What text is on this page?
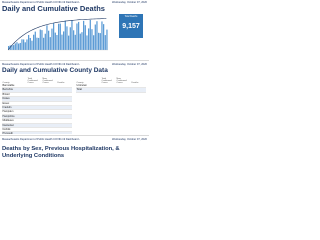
Massachusetts Department of Public Health COVID-19 Dashboard -	Wednesday, October 07, 2020
Daily and Cumulative Deaths
Total Deaths
9,157
Massachusetts Department of Public Health COVID-19 Dashboard -	Wednesday, October 07, 2020
Daily and Cumulative County Data
County	Total Confirmed Cases	New Confirmed Cases	Deaths
Barnstable			
Berkshire			
Bristol			
Dukes			
Essex			
Franklin			
Hampden			
Hampshire			
Middlesex			
Nantucket			
Norfolk			
Plymouth			

County	Total Confirmed Cases	New Confirmed Cases	Deaths
Unknown			
Total			
Massachusetts Department of Public Health COVID-19 Dashboard -	Wednesday, October 07, 2020
Deaths by Sex, Previous Hospitalization, & Underlying Conditions
